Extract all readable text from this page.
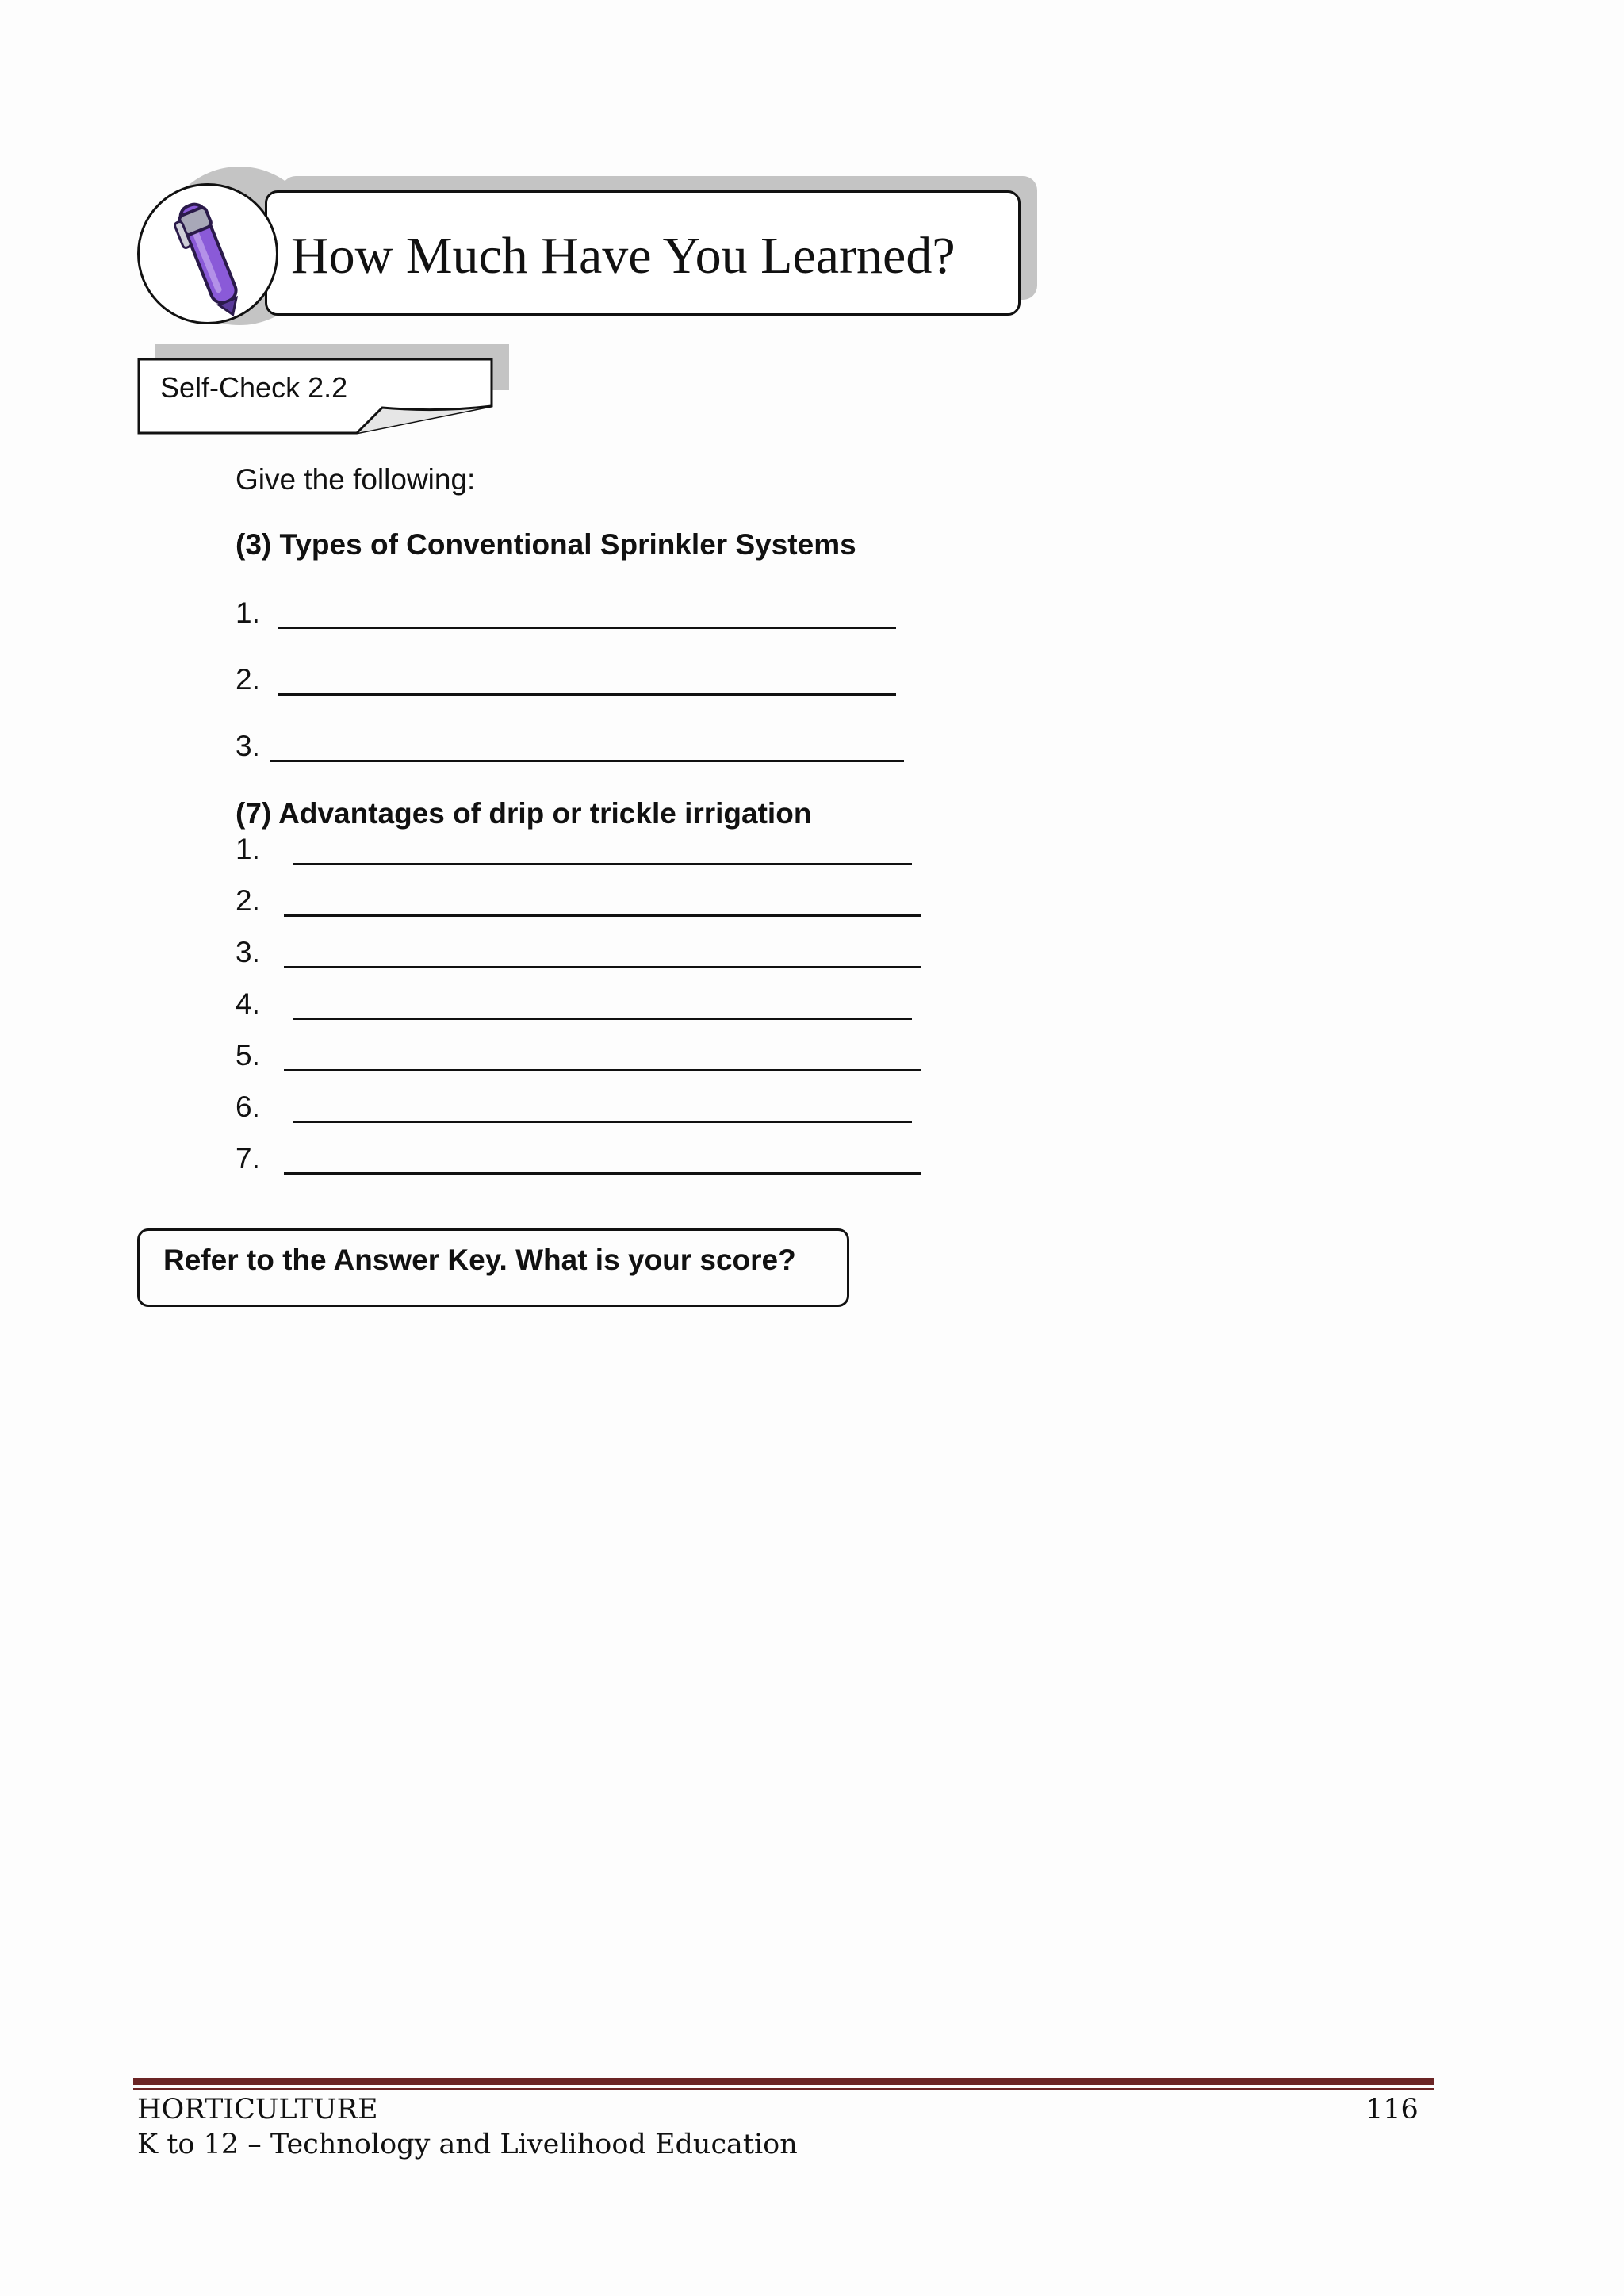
How Much Have You Learned?
Self-Check 2.2
Give the following:
(3) Types of Conventional Sprinkler Systems
1.
2.
3.
(7) Advantages of drip or trickle irrigation
1.
2.
3.
4.
5.
6.
7.
Refer to the Answer Key. What is your score?
HORTICULTURE
K to 12 – Technology and Livelihood Education
116
